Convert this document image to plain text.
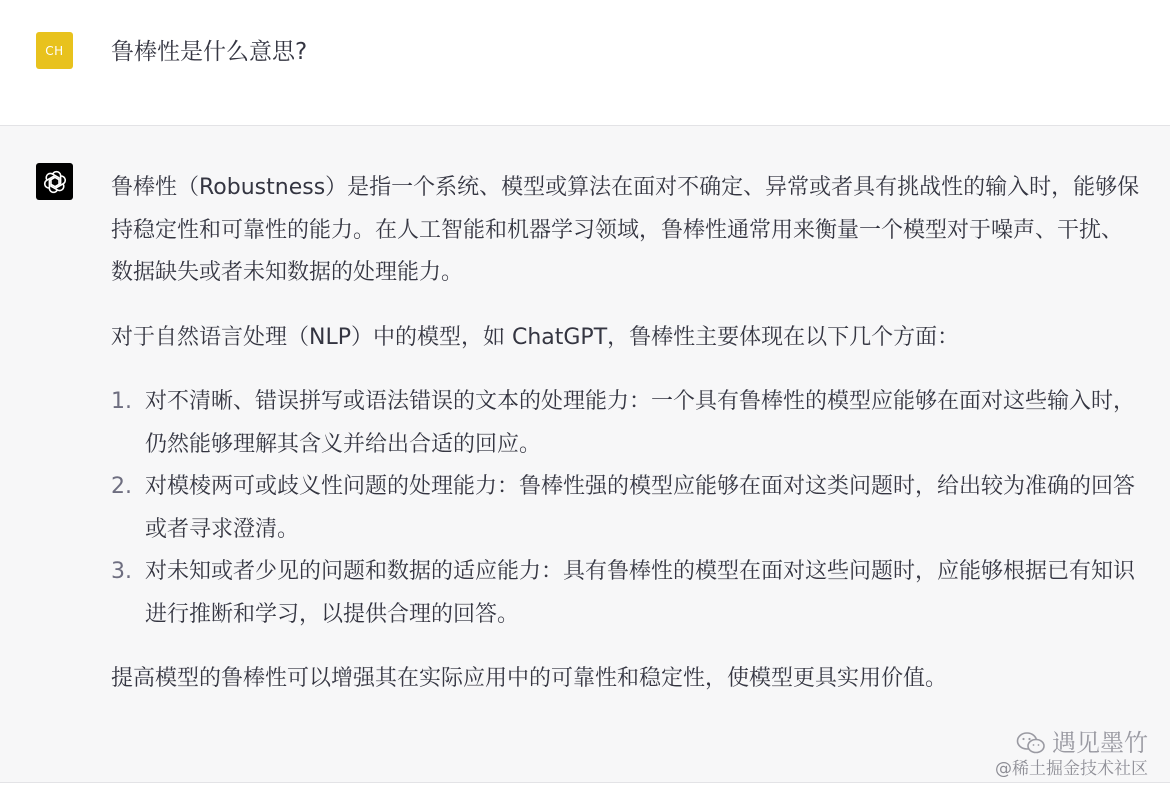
CH 鲁棒性是什么意思?

鲁棒性（Robustness）是指一个系统、模型或算法在面对不确定、异常或者具有挑战性的输入时，能够保持稳定性和可靠性的能力。在人工智能和机器学习领域，鲁棒性通常用来衡量一个模型对于噪声、干扰、数据缺失或者未知数据的处理能力。

对于自然语言处理（NLP）中的模型，如 ChatGPT，鲁棒性主要体现在以下几个方面：

1. 对不清晰、错误拼写或语法错误的文本的处理能力：一个具有鲁棒性的模型应能够在面对这些输入时，仍然能够理解其含义并给出合适的回应。
2. 对模棱两可或歧义性问题的处理能力：鲁棒性强的模型应能够在面对这类问题时，给出较为准确的回答或者寻求澄清。
3. 对未知或者少见的问题和数据的适应能力：具有鲁棒性的模型在面对这些问题时，应能够根据已有知识进行推断和学习，以提供合理的回答。

提高模型的鲁棒性可以增强其在实际应用中的可靠性和稳定性，使模型更具实用价值。

遇见墨竹
@稀土掘金技术社区
